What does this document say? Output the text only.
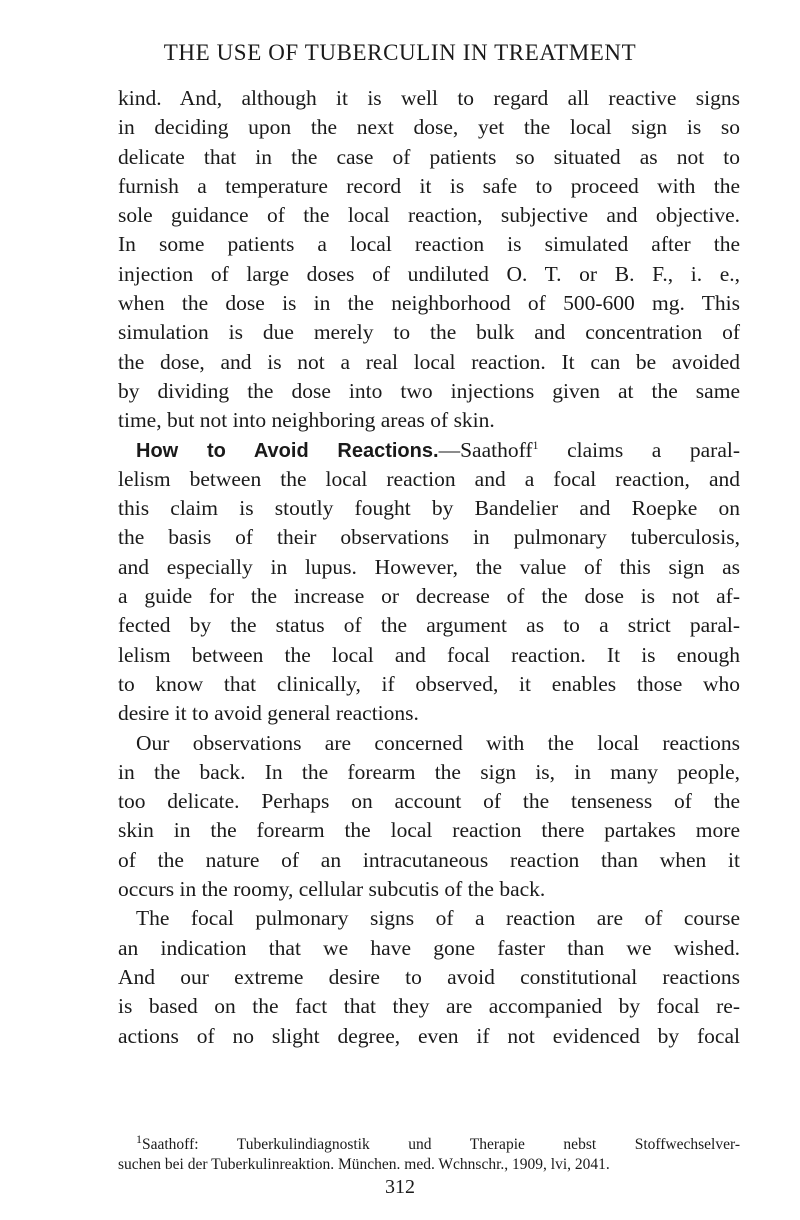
THE USE OF TUBERCULIN IN TREATMENT
kind. And, although it is well to regard all reactive signs
in deciding upon the next dose, yet the local sign is so
delicate that in the case of patients so situated as not to
furnish a temperature record it is safe to proceed with the
sole guidance of the local reaction, subjective and objective.
In some patients a local reaction is simulated after the
injection of large doses of undiluted O. T. or B. F., i. e.,
when the dose is in the neighborhood of 500-600 mg. This
simulation is due merely to the bulk and concentration of
the dose, and is not a real local reaction. It can be avoided
by dividing the dose into two injections given at the same
time, but not into neighboring areas of skin.
How to Avoid Reactions.—Saathoff$^1$ claims a paral-
lelism between the local reaction and a focal reaction, and
this claim is stoutly fought by Bandelier and Roepke on
the basis of their observations in pulmonary tuberculosis,
and especially in lupus. However, the value of this sign as
a guide for the increase or decrease of the dose is not af-
fected by the status of the argument as to a strict paral-
lelism between the local and focal reaction. It is enough
to know that clinically, if observed, it enables those who
desire it to avoid general reactions.
Our observations are concerned with the local reactions
in the back. In the forearm the sign is, in many people,
too delicate. Perhaps on account of the tenseness of the
skin in the forearm the local reaction there partakes more
of the nature of an intracutaneous reaction than when it
occurs in the roomy, cellular subcutis of the back.
The focal pulmonary signs of a reaction are of course
an indication that we have gone faster than we wished.
And our extreme desire to avoid constitutional reactions
is based on the fact that they are accompanied by focal re-
actions of no slight degree, even if not evidenced by focal
$^1$Saathoff: Tuberkulindiagnostik und Therapie nebst Stoffwechselver-
suchen bei der Tuberkulinreaktion. München. med. Wchnschr., 1909, lvi, 2041.
312
